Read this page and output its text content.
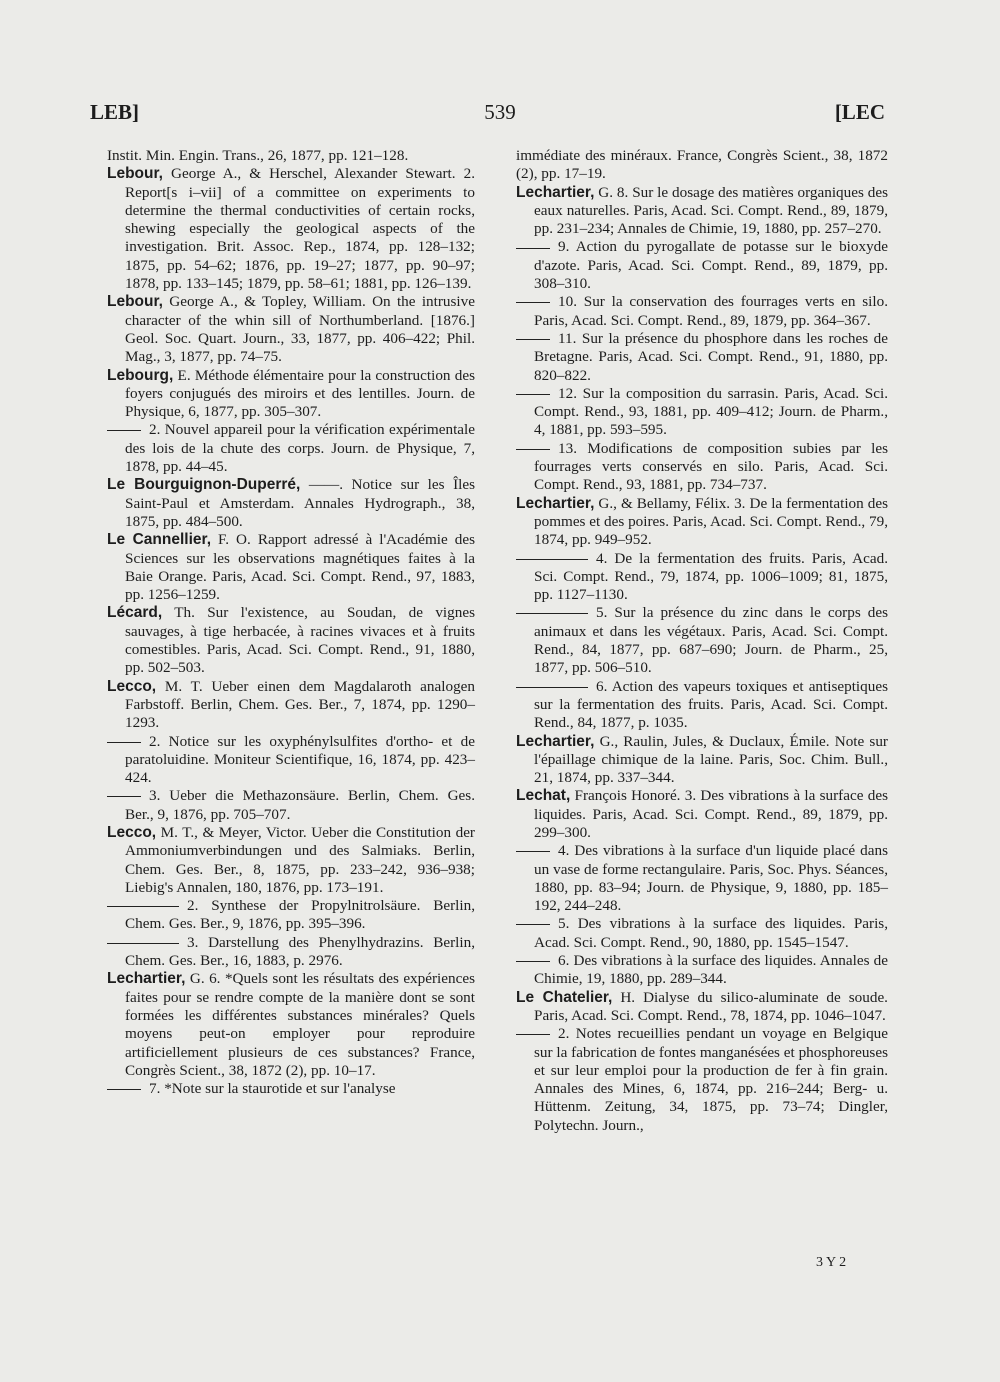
LEB]	539	[LEC

Instit. Min. Engin. Trans., 26, 1877, pp. 121–128.

Lebour, George A., & Herschel, Alexander Stewart. 2. Report[s i–vii] of a committee on experiments to determine the thermal conductivities of certain rocks, shewing especially the geological aspects of the investigation. Brit. Assoc. Rep., 1874, pp. 128–132; 1875, pp. 54–62; 1876, pp. 19–27; 1877, pp. 90–97; 1878, pp. 133–145; 1879, pp. 58–61; 1881, pp. 126–139.

Lebour, George A., & Topley, William. On the intrusive character of the whin sill of Northumberland. [1876.] Geol. Soc. Quart. Journ., 33, 1877, pp. 406–422; Phil. Mag., 3, 1877, pp. 74–75.

Lebourg, E. Méthode élémentaire pour la construction des foyers conjugués des miroirs et des lentilles. Journ. de Physique, 6, 1877, pp. 305–307.

2. Nouvel appareil pour la vérification expérimentale des lois de la chute des corps. Journ. de Physique, 7, 1878, pp. 44–45.

Le Bourguignon-Duperré, ——. Notice sur les Îles Saint-Paul et Amsterdam. Annales Hydrograph., 38, 1875, pp. 484–500.

Le Cannellier, F. O. Rapport adressé à l'Académie des Sciences sur les observations magnétiques faites à la Baie Orange. Paris, Acad. Sci. Compt. Rend., 97, 1883, pp. 1256–1259.

Lécard, Th. Sur l'existence, au Soudan, de vignes sauvages, à tige herbacée, à racines vivaces et à fruits comestibles. Paris, Acad. Sci. Compt. Rend., 91, 1880, pp. 502–503.

Lecco, M. T. Ueber einen dem Magdalaroth analogen Farbstoff. Berlin, Chem. Ges. Ber., 7, 1874, pp. 1290–1293.

2. Notice sur les oxyphénylsulfites d'ortho- et de paratoluidine. Moniteur Scientifique, 16, 1874, pp. 423–424.

3. Ueber die Methazonsäure. Berlin, Chem. Ges. Ber., 9, 1876, pp. 705–707.

Lecco, M. T., & Meyer, Victor. Ueber die Constitution der Ammoniumverbindungen und des Salmiaks. Berlin, Chem. Ges. Ber., 8, 1875, pp. 233–242, 936–938; Liebig's Annalen, 180, 1876, pp. 173–191.

2. Synthese der Propylnitrolsäure. Berlin, Chem. Ges. Ber., 9, 1876, pp. 395–396.

3. Darstellung des Phenylhydrazins. Berlin, Chem. Ges. Ber., 16, 1883, p. 2976.

Lechartier, G. 6. *Quels sont les résultats des expériences faites pour se rendre compte de la manière dont se sont formées les différentes substances minérales? Quels moyens peut-on employer pour reproduire artificiellement plusieurs de ces substances? France, Congrès Scient., 38, 1872 (2), pp. 10–17.

7. *Note sur la staurotide et sur l'analyse

immédiate des minéraux. France, Congrès Scient., 38, 1872 (2), pp. 17–19.

Lechartier, G. 8. Sur le dosage des matières organiques des eaux naturelles. Paris, Acad. Sci. Compt. Rend., 89, 1879, pp. 231–234; Annales de Chimie, 19, 1880, pp. 257–270.

9. Action du pyrogallate de potasse sur le bioxyde d'azote. Paris, Acad. Sci. Compt. Rend., 89, 1879, pp. 308–310.

10. Sur la conservation des fourrages verts en silo. Paris, Acad. Sci. Compt. Rend., 89, 1879, pp. 364–367.

11. Sur la présence du phosphore dans les roches de Bretagne. Paris, Acad. Sci. Compt. Rend., 91, 1880, pp. 820–822.

12. Sur la composition du sarrasin. Paris, Acad. Sci. Compt. Rend., 93, 1881, pp. 409–412; Journ. de Pharm., 4, 1881, pp. 593–595.

13. Modifications de composition subies par les fourrages verts conservés en silo. Paris, Acad. Sci. Compt. Rend., 93, 1881, pp. 734–737.

Lechartier, G., & Bellamy, Félix. 3. De la fermentation des pommes et des poires. Paris, Acad. Sci. Compt. Rend., 79, 1874, pp. 949–952.

4. De la fermentation des fruits. Paris, Acad. Sci. Compt. Rend., 79, 1874, pp. 1006–1009; 81, 1875, pp. 1127–1130.

5. Sur la présence du zinc dans le corps des animaux et dans les végétaux. Paris, Acad. Sci. Compt. Rend., 84, 1877, pp. 687–690; Journ. de Pharm., 25, 1877, pp. 506–510.

6. Action des vapeurs toxiques et antiseptiques sur la fermentation des fruits. Paris, Acad. Sci. Compt. Rend., 84, 1877, p. 1035.

Lechartier, G., Raulin, Jules, & Duclaux, Émile. Note sur l'épaillage chimique de la laine. Paris, Soc. Chim. Bull., 21, 1874, pp. 337–344.

Lechat, François Honoré. 3. Des vibrations à la surface des liquides. Paris, Acad. Sci. Compt. Rend., 89, 1879, pp. 299–300.

4. Des vibrations à la surface d'un liquide placé dans un vase de forme rectangulaire. Paris, Soc. Phys. Séances, 1880, pp. 83–94; Journ. de Physique, 9, 1880, pp. 185–192, 244–248.

5. Des vibrations à la surface des liquides. Paris, Acad. Sci. Compt. Rend., 90, 1880, pp. 1545–1547.

6. Des vibrations à la surface des liquides. Annales de Chimie, 19, 1880, pp. 289–344.

Le Chatelier, H. Dialyse du silico-aluminate de soude. Paris, Acad. Sci. Compt. Rend., 78, 1874, pp. 1046–1047.

2. Notes recueillies pendant un voyage en Belgique sur la fabrication de fontes manganésées et phosphoreuses et sur leur emploi pour la production de fer à fin grain. Annales des Mines, 6, 1874, pp. 216–244; Berg- u. Hüttenm. Zeitung, 34, 1875, pp. 73–74; Dingler, Polytechn. Journ.,

3 Y 2
